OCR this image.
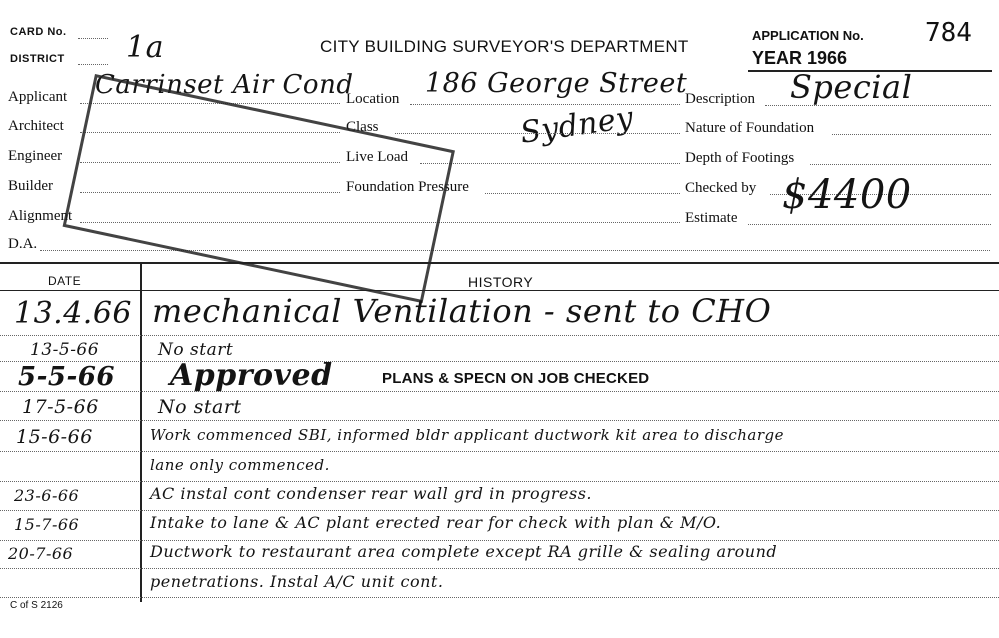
CARD No.
DISTRICT 1a	CITY BUILDING SURVEYOR'S DEPARTMENT
APPLICATION No. 784
YEAR 1966
Applicant Carrinset Air Cond
Architect
Engineer
Builder
Alignment
D.A.
Location 186 George Street
Sydney
Class
Live Load
Foundation Pressure
Description Special
Nature of Foundation
Depth of Footings
Checked by
Estimate $4400
DATE	HISTORY
13.4.66 mechanical Ventilation - sent to CHO
13-5-66	No start
5-5-66 Approved	PLANS & SPECN ON JOB CHECKED
17-5-66	No start
15-6-66	Work commenced SBI, informed bldr applicant ductwork kit area to discharge
lane only commenced.
23-6-66	AC instal cont condenser rear wall grd in progress.
15-7-66	Intake to lane & AC plant erected rear for check with plan & M/O.
20-7-66	Ductwork to restaurant area complete except RA grille & sealing around
penetrations. Instal A/C unit cont.
C of S 2126
